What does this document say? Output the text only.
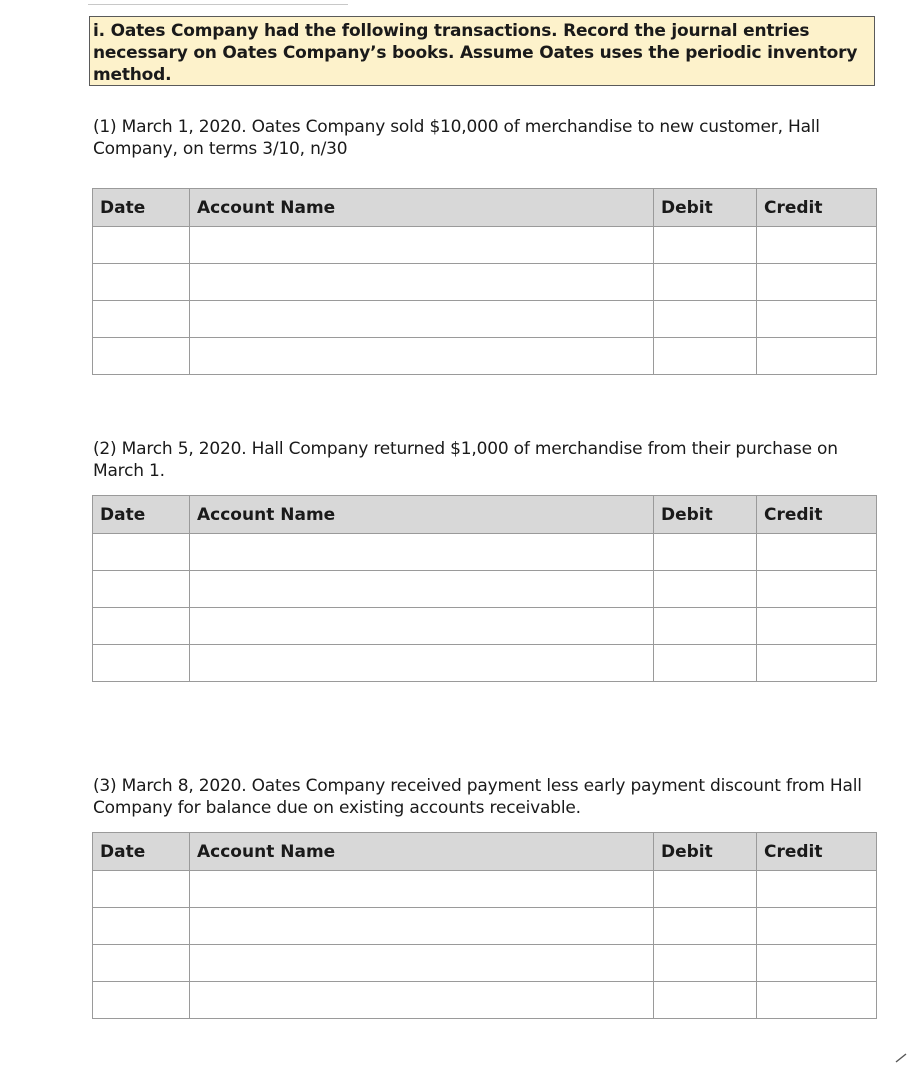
i. Oates Company had the following transactions. Record the journal entries necessary on Oates Company’s books. Assume Oates uses the periodic inventory method.
(1) March 1, 2020. Oates Company sold $10,000 of merchandise to new customer, Hall Company, on terms 3/10, n/30
Date	Account Name	Debit	Credit

(2) March 5, 2020. Hall Company returned $1,000 of merchandise from their purchase on March 1.
Date	Account Name	Debit	Credit

(3) March 8, 2020. Oates Company received payment less early payment discount from Hall Company for balance due on existing accounts receivable.
Date	Account Name	Debit	Credit
